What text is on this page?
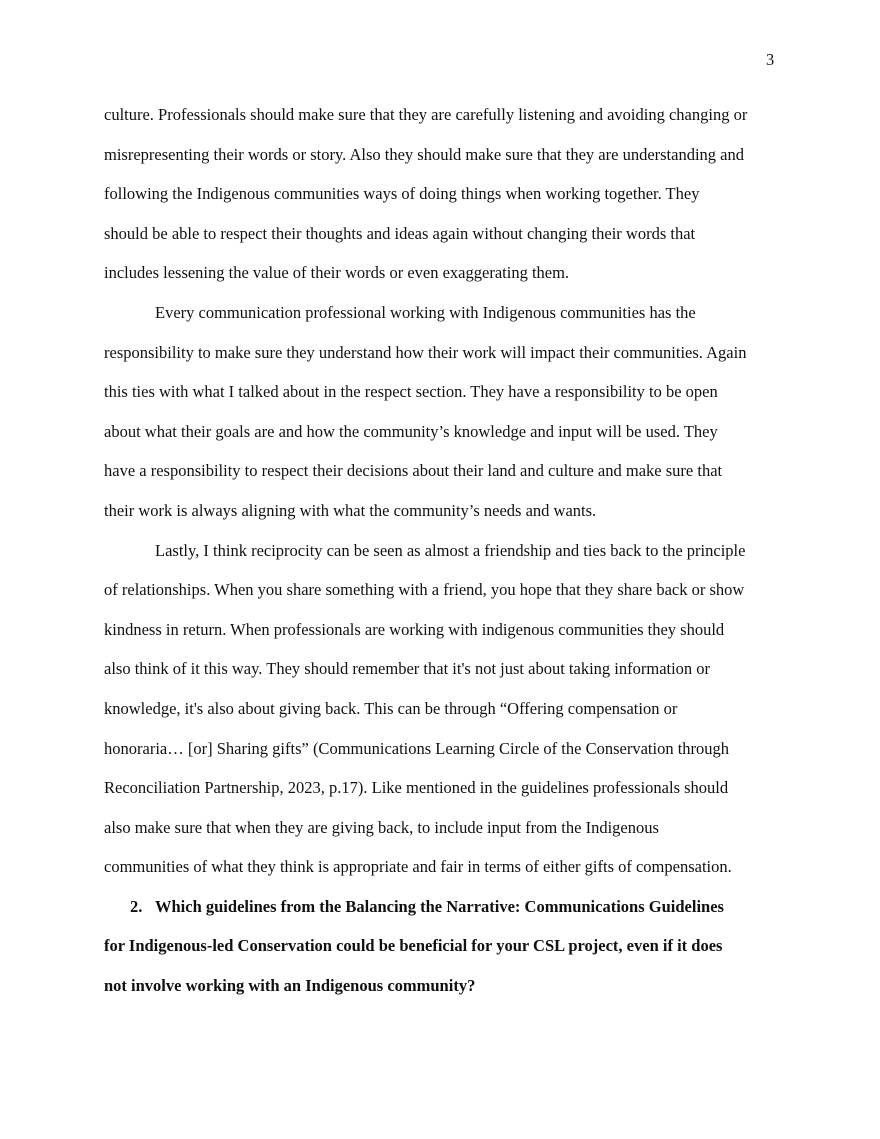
3
culture. Professionals should make sure that they are carefully listening and avoiding changing or
misrepresenting their words or story. Also they should make sure that they are understanding and
following the Indigenous communities ways of doing things when working together. They
should be able to respect their thoughts and ideas again without changing their words that
includes lessening the value of their words or even exaggerating them.
Every communication professional working with Indigenous communities has the
responsibility to make sure they understand how their work will impact their communities. Again
this ties with what I talked about in the respect section. They have a responsibility to be open
about what their goals are and how the community’s knowledge and input will be used. They
have a responsibility to respect their decisions about their land and culture and make sure that
their work is always aligning with what the community’s needs and wants.
Lastly, I think reciprocity can be seen as almost a friendship and ties back to the principle
of relationships. When you share something with a friend, you hope that they share back or show
kindness in return. When professionals are working with indigenous communities they should
also think of it this way. They should remember that it's not just about taking information or
knowledge, it's also about giving back. This can be through “Offering compensation or
honoraria… [or] Sharing gifts” (Communications Learning Circle of the Conservation through
Reconciliation Partnership, 2023, p.17). Like mentioned in the guidelines professionals should
also make sure that when they are giving back, to include input from the Indigenous
communities of what they think is appropriate and fair in terms of either gifts of compensation.
2. Which guidelines from the Balancing the Narrative: Communications Guidelines
for Indigenous-led Conservation could be beneficial for your CSL project, even if it does
not involve working with an Indigenous community?
